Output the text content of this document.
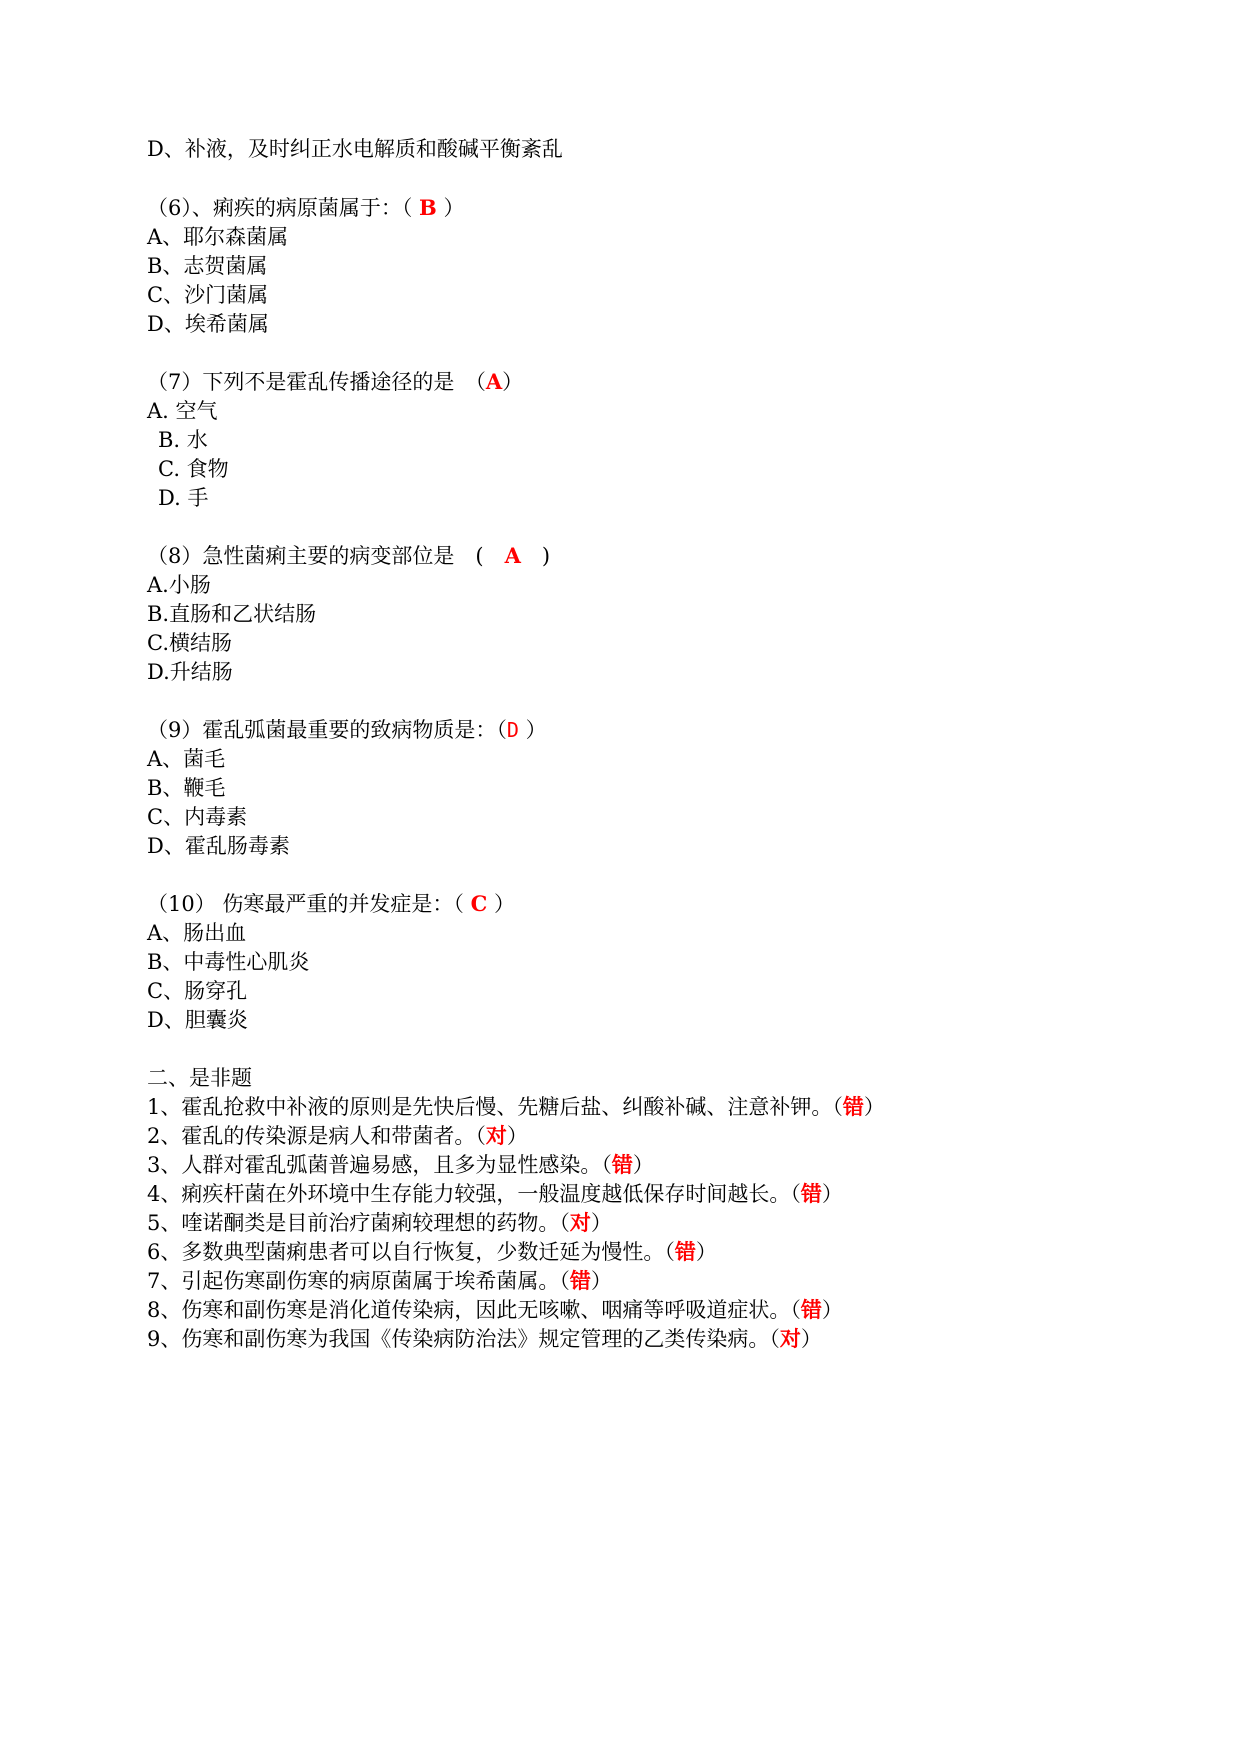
D、补液，及时纠正水电解质和酸碱平衡紊乱
（6）、痢疾的病原菌属于：（ B ）
A、耶尔森菌属
B、志贺菌属
C、沙门菌属
D、埃希菌属
（7）下列不是霍乱传播途径的是　（A）
A. 空气
B. 水
C. 食物
D. 手
（8）急性菌痢主要的病变部位是　(　A　)
A.小肠
B.直肠和乙状结肠
C.横结肠
D.升结肠
（9）霍乱弧菌最重要的致病物质是：（D ）
A、菌毛
B、鞭毛
C、内毒素
D、霍乱肠毒素
（10） 伤寒最严重的并发症是：（ C ）
A、肠出血
B、中毒性心肌炎
C、肠穿孔
D、胆囊炎
二、是非题
1、霍乱抢救中补液的原则是先快后慢、先糖后盐、纠酸补碱、注意补钾。（错）
2、霍乱的传染源是病人和带菌者。（对）
3、人群对霍乱弧菌普遍易感，且多为显性感染。（错）
4、痢疾杆菌在外环境中生存能力较强，一般温度越低保存时间越长。（错）
5、喹诺酮类是目前治疗菌痢较理想的药物。（对）
6、多数典型菌痢患者可以自行恢复，少数迁延为慢性。（错）
7、引起伤寒副伤寒的病原菌属于埃希菌属。（错）
8、伤寒和副伤寒是消化道传染病，因此无咳嗽、咽痛等呼吸道症状。（错）
9、伤寒和副伤寒为我国《传染病防治法》规定管理的乙类传染病。（对）
